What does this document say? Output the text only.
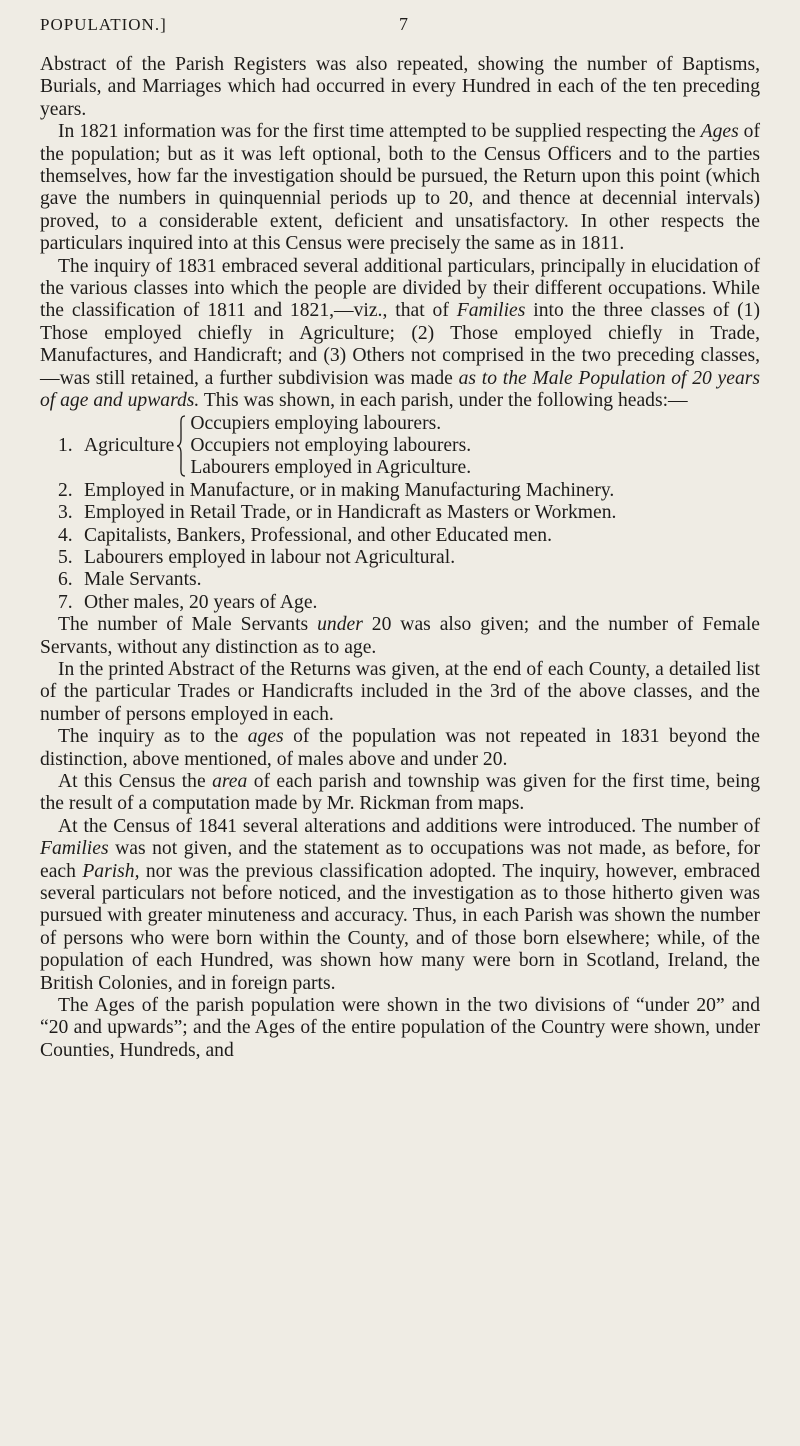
POPULATION.]	7

Abstract of the Parish Registers was also repeated, showing the number of Baptisms, Burials, and Marriages which had occurred in every Hundred in each of the ten preceding years.

In 1821 information was for the first time attempted to be supplied respecting the Ages of the population; but as it was left optional, both to the Census Officers and to the parties themselves, how far the investigation should be pursued, the Return upon this point (which gave the numbers in quinquennial periods up to 20, and thence at decennial intervals) proved, to a considerable extent, deficient and unsatisfactory. In other respects the particulars inquired into at this Census were precisely the same as in 1811.

The inquiry of 1831 embraced several additional particulars, principally in elucidation of the various classes into which the people are divided by their different occupations. While the classification of 1811 and 1821,—viz., that of Families into the three classes of (1) Those employed chiefly in Agriculture; (2) Those employed chiefly in Trade, Manufactures, and Handicraft; and (3) Others not comprised in the two preceding classes,—was still retained, a further subdivision was made as to the Male Population of 20 years of age and upwards. This was shown, in each parish, under the following heads:—

1. Agriculture
Occupiers employing labourers.
Occupiers not employing labourers.
Labourers employed in Agriculture.
2. Employed in Manufacture, or in making Manufacturing Machinery.
3. Employed in Retail Trade, or in Handicraft as Masters or Workmen.
4. Capitalists, Bankers, Professional, and other Educated men.
5. Labourers employed in labour not Agricultural.
6. Male Servants.
7. Other males, 20 years of Age.

The number of Male Servants under 20 was also given; and the number of Female Servants, without any distinction as to age.

In the printed Abstract of the Returns was given, at the end of each County, a detailed list of the particular Trades or Handicrafts included in the 3rd of the above classes, and the number of persons employed in each.

The inquiry as to the ages of the population was not repeated in 1831 beyond the distinction, above mentioned, of males above and under 20.

At this Census the area of each parish and township was given for the first time, being the result of a computation made by Mr. Rickman from maps.

At the Census of 1841 several alterations and additions were introduced. The number of Families was not given, and the statement as to occupations was not made, as before, for each Parish, nor was the previous classification adopted. The inquiry, however, embraced several particulars not before noticed, and the investigation as to those hitherto given was pursued with greater minuteness and accuracy. Thus, in each Parish was shown the number of persons who were born within the County, and of those born elsewhere; while, of the population of each Hundred, was shown how many were born in Scotland, Ireland, the British Colonies, and in foreign parts.

The Ages of the parish population were shown in the two divisions of “under 20” and “20 and upwards”; and the Ages of the entire population of the Country were shown, under Counties, Hundreds, and
